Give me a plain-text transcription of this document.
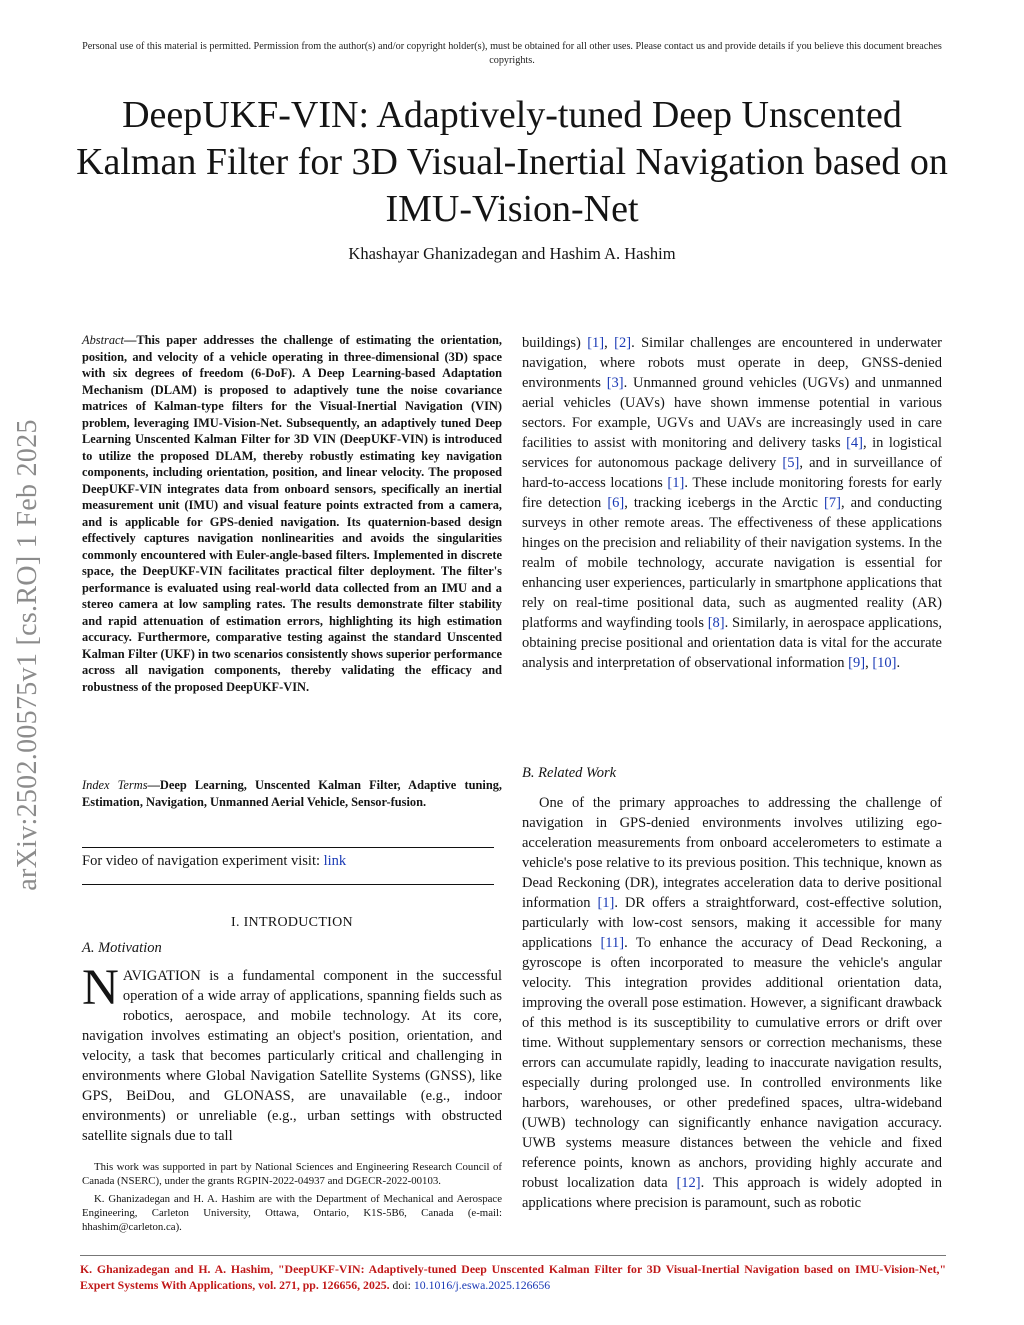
Personal use of this material is permitted. Permission from the author(s) and/or copyright holder(s), must be obtained for all other uses. Please contact us and provide details if you believe this document breaches copyrights.
DeepUKF-VIN: Adaptively-tuned Deep Unscented Kalman Filter for 3D Visual-Inertial Navigation based on IMU-Vision-Net
Khashayar Ghanizadegan and Hashim A. Hashim
arXiv:2502.00575v1 [cs.RO] 1 Feb 2025
Abstract—This paper addresses the challenge of estimating the orientation, position, and velocity of a vehicle operating in three-dimensional (3D) space with six degrees of freedom (6-DoF). A Deep Learning-based Adaptation Mechanism (DLAM) is proposed to adaptively tune the noise covariance matrices of Kalman-type filters for the Visual-Inertial Navigation (VIN) problem, leveraging IMU-Vision-Net. Subsequently, an adaptively tuned Deep Learning Unscented Kalman Filter for 3D VIN (DeepUKF-VIN) is introduced to utilize the proposed DLAM, thereby robustly estimating key navigation components, including orientation, position, and linear velocity. The proposed DeepUKF-VIN integrates data from onboard sensors, specifically an inertial measurement unit (IMU) and visual feature points extracted from a camera, and is applicable for GPS-denied navigation. Its quaternion-based design effectively captures navigation nonlinearities and avoids the singularities commonly encountered with Euler-angle-based filters. Implemented in discrete space, the DeepUKF-VIN facilitates practical filter deployment. The filter's performance is evaluated using real-world data collected from an IMU and a stereo camera at low sampling rates. The results demonstrate filter stability and rapid attenuation of estimation errors, highlighting its high estimation accuracy. Furthermore, comparative testing against the standard Unscented Kalman Filter (UKF) in two scenarios consistently shows superior performance across all navigation components, thereby validating the efficacy and robustness of the proposed DeepUKF-VIN.
Index Terms—Deep Learning, Unscented Kalman Filter, Adaptive tuning, Estimation, Navigation, Unmanned Aerial Vehicle, Sensor-fusion.
For video of navigation experiment visit: link
I. INTRODUCTION
A. Motivation
NAVIGATION is a fundamental component in the successful operation of a wide array of applications, spanning fields such as robotics, aerospace, and mobile technology. At its core, navigation involves estimating an object's position, orientation, and velocity, a task that becomes particularly critical and challenging in environments where Global Navigation Satellite Systems (GNSS), like GPS, BeiDou, and GLONASS, are unavailable (e.g., indoor environments) or unreliable (e.g., urban settings with obstructed satellite signals due to tall

This work was supported in part by National Sciences and Engineering Research Council of Canada (NSERC), under the grants RGPIN-2022-04937 and DGECR-2022-00103.

K. Ghanizadegan and H. A. Hashim are with the Department of Mechanical and Aerospace Engineering, Carleton University, Ottawa, Ontario, K1S-5B6, Canada (e-mail: hhashim@carleton.ca).

buildings) [1], [2]. Similar challenges are encountered in underwater navigation, where robots must operate in deep, GNSS-denied environments [3]. Unmanned ground vehicles (UGVs) and unmanned aerial vehicles (UAVs) have shown immense potential in various sectors. For example, UGVs and UAVs are increasingly used in care facilities to assist with monitoring and delivery tasks [4], in logistical services for autonomous package delivery [5], and in surveillance of hard-to-access locations [1]. These include monitoring forests for early fire detection [6], tracking icebergs in the Arctic [7], and conducting surveys in other remote areas. The effectiveness of these applications hinges on the precision and reliability of their navigation systems. In the realm of mobile technology, accurate navigation is essential for enhancing user experiences, particularly in smartphone applications that rely on real-time positional data, such as augmented reality (AR) platforms and wayfinding tools [8]. Similarly, in aerospace applications, obtaining precise positional and orientation data is vital for the accurate analysis and interpretation of observational information [9], [10].
B. Related Work
One of the primary approaches to addressing the challenge of navigation in GPS-denied environments involves utilizing ego-acceleration measurements from onboard accelerometers to estimate a vehicle's pose relative to its previous position. This technique, known as Dead Reckoning (DR), integrates acceleration data to derive positional information [1]. DR offers a straightforward, cost-effective solution, particularly with low-cost sensors, making it accessible for many applications [11]. To enhance the accuracy of Dead Reckoning, a gyroscope is often incorporated to measure the vehicle's angular velocity. This integration provides additional orientation data, improving the overall pose estimation. However, a significant drawback of this method is its susceptibility to cumulative errors or drift over time. Without supplementary sensors or correction mechanisms, these errors can accumulate rapidly, leading to inaccurate navigation results, especially during prolonged use. In controlled environments like harbors, warehouses, or other predefined spaces, ultra-wideband (UWB) technology can significantly enhance navigation accuracy. UWB systems measure distances between the vehicle and fixed reference points, known as anchors, providing highly accurate and robust localization data [12]. This approach is widely adopted in applications where precision is paramount, such as robotic
K. Ghanizadegan and H. A. Hashim, "DeepUKF-VIN: Adaptively-tuned Deep Unscented Kalman Filter for 3D Visual-Inertial Navigation based on IMU-Vision-Net," Expert Systems With Applications, vol. 271, pp. 126656, 2025. doi: 10.1016/j.eswa.2025.126656
